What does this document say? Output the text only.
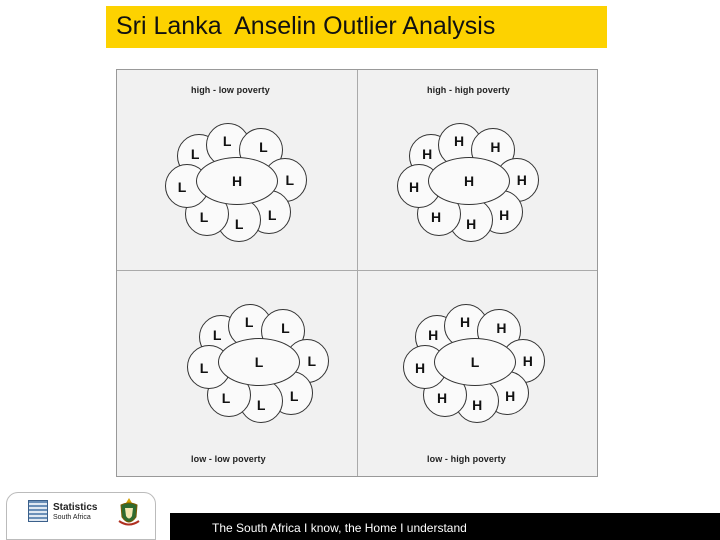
Sri Lanka  Anselin Outlier Analysis
high - low poverty	high - high poverty
low - low poverty	low - high poverty
L
L L
L
L
L
L
L	H
H
H H
H
H
H
H
H	H
L
L L
L
L
L
L
L	L
H
H H
H
H
H
H
H	L
The South Africa I know, the Home I understand
Statistics
South Africa
